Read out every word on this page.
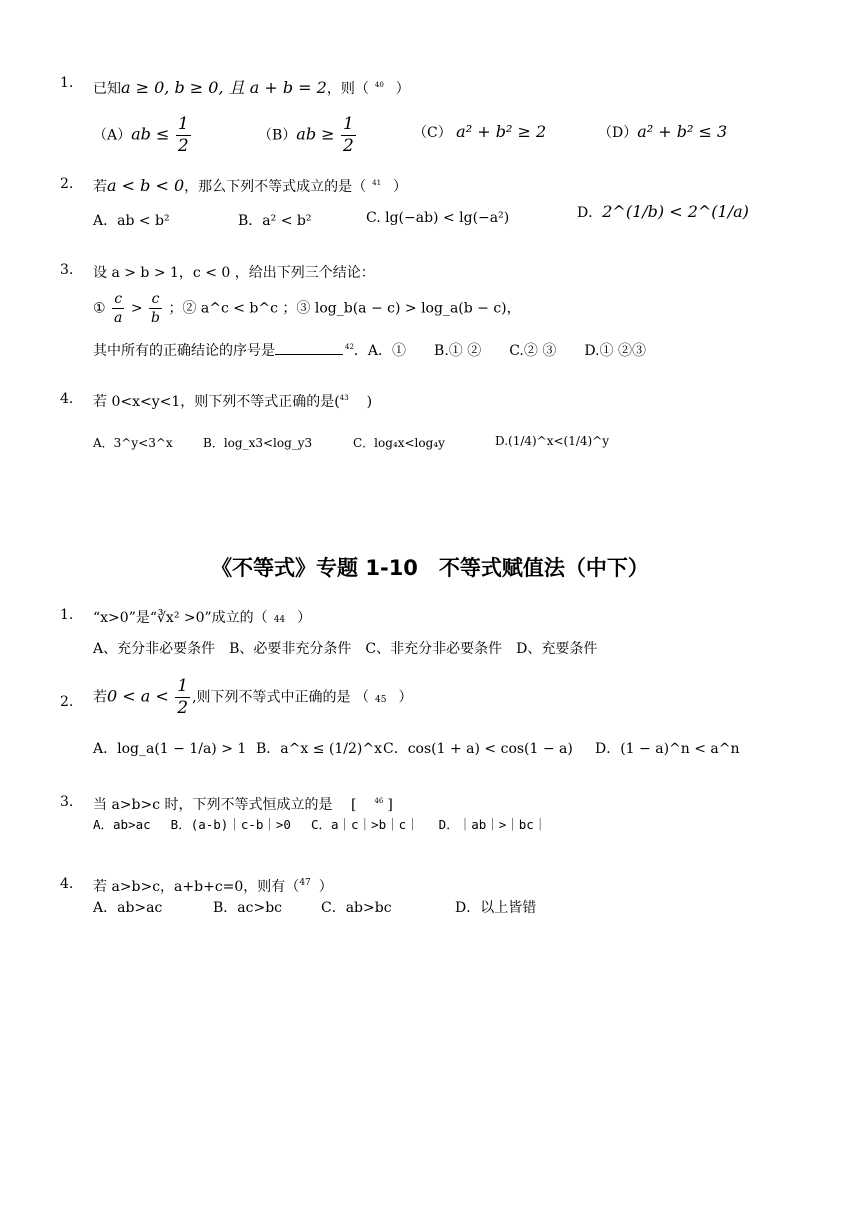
1.	已知a ≥ 0, b ≥ 0, 且 a + b = 2，则（ $^{40}$ ）
$(A)ab \le \frac{1}{2}$	$(B)ab \ge \frac{1}{2}$	（C） a² + b² ≥ 2	（D）a² + b² ≤ 3
2.	若a < b < 0，那么下列不等式成立的是（ $^{41}$ ）
A．ab < b²	B．a² < b²	C. lg(−ab) < lg(−a²)	D．2^(1/b) < 2^(1/a)
3.	设 a > b > 1，c < 0 ，给出下列三个结论：
① $\frac{c}{a} > \frac{c}{b}$ ；② a^c < b^c ；③ log_b(a − c) > log_a(b − c)，
其中所有的正确结论的序号是	$^{42}$．A．①　　B.① ②　　C.② ③　　D.① ②③
4.	若 0<x<y<1，则下列不等式正确的是($^{43}$ )
A．3^y<3^x	B．log_x3<log_y3	C．log₄x<log₄y	D.(1/4)^x<(1/4)^y
《不等式》专题 1-10　不等式赋值法（中下）
1.	“x>0”是“∛x² >0”成立的（ 44 ）
A、充分非必要条件　B、必要非充分条件　C、非充分非必要条件　D、充要条件
2.	若$0 < a < \frac{1}{2}$ ,则下列不等式中正确的是 （ 45 ）
A．log_a(1 − 1/a) > 1 B．a^x ≤ (1/2)^x C．cos(1 + a) < cos(1 − a) D．(1 − a)^n < a^n
3.	当 a>b>c 时，下列不等式恒成立的是　 [	$^{46}$ ]
A．ab>ac　 B．(a-b)｜c-b｜>0　 C．a｜c｜>b｜c｜　 D．｜ab｜>｜bc｜
4.	若 a>b>c，a+b+c=0，则有（$^{47}$ ）
A．ab>ac	B．ac>bc	C．ab>bc	D．以上皆错
